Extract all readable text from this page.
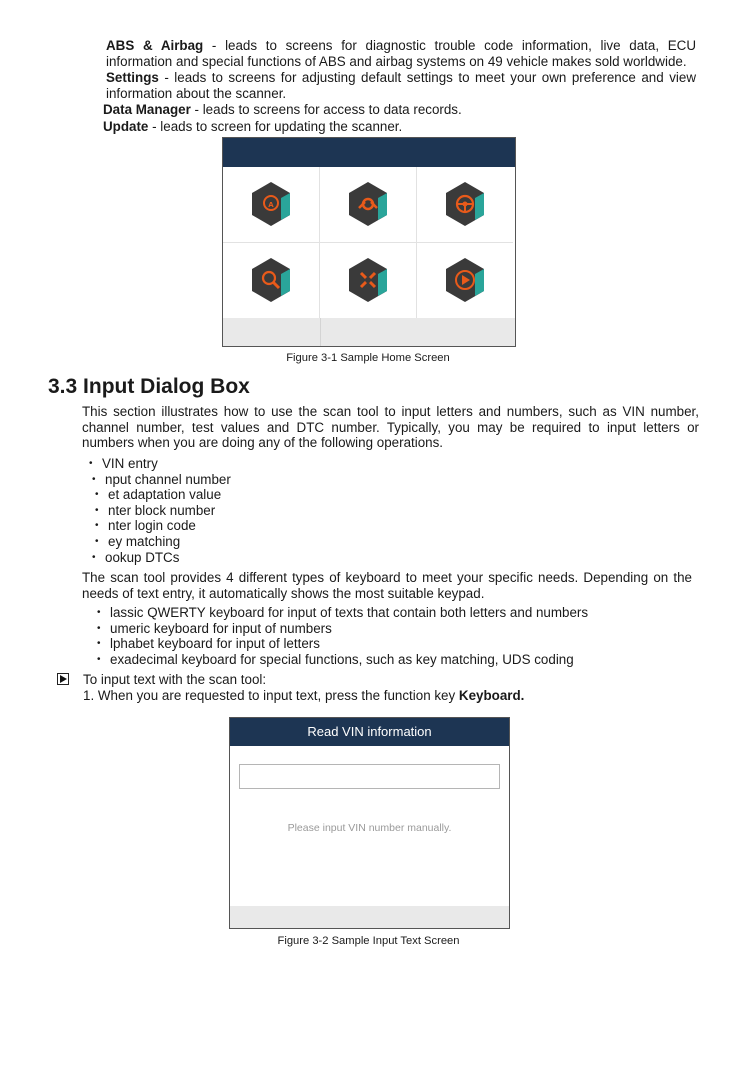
ABS & Airbag - leads to screens for diagnostic trouble code information, live data, ECU information and special functions of ABS and airbag systems on 49 vehicle makes sold worldwide.
Settings - leads to screens for adjusting default settings to meet your own preference and view information about the scanner.
Data Manager - leads to screens for access to data records.
Update - leads to screen for updating the scanner.
A
Figure 3-1 Sample Home Screen
3.3 Input Dialog Box
This section illustrates how to use the scan tool to input letters and numbers, such as VIN number, channel number, test values and DTC number. Typically, you may be required to input letters or numbers when you are doing any of the following operations.
• VIN entry
• nput channel number
• et adaptation value
• nter block number
• nter login code
• ey matching
• ookup DTCs
The scan tool provides 4 different types of keyboard to meet your specific needs. Depending on the needs of text entry, it automatically shows the most suitable keypad.
• lassic QWERTY keyboard for input of texts that contain both letters and numbers
• umeric keyboard for input of numbers
• lphabet keyboard for input of letters
• exadecimal keyboard for special functions, such as key matching, UDS coding
To input text with the scan tool:
1. When you are requested to input text, press the function key Keyboard.
Read VIN information
Please input VIN number manually.
Figure 3-2 Sample Input Text Screen
